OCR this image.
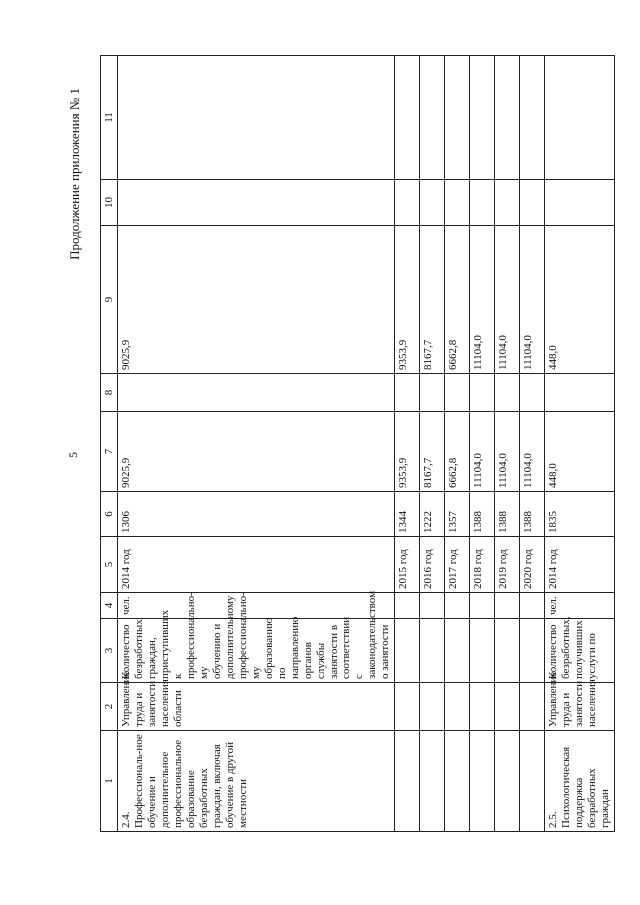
5
Продолжение приложения № 1
1	2	3	4	5	6	7	8	9	10	11
2.4. Профессиональ-ное обучение и дополнительное профессиональное образование безработных граждан, включая обучение в другой местности	Управление труда и занятости населения области	Количество безработных граждан, приступивших к профессионально-му обучению и дополнительному профессионально-му образованию по направлению органов службы занятости в соответствии с законодательством о занятости	чел.	2014 год	1306	9025,9		9025,9		
				2015 год	1344	9353,9		9353,9		
				2016 год	1222	8167,7		8167,7		
				2017 год	1357	6662,8		6662,8		
				2018 год	1388	11104,0		11104,0		
				2019 год	1388	11104,0		11104,0		
				2020 год	1388	11104,0		11104,0		
2.5. Психологическая поддержка безработных граждан	Управление труда и занятости населения	Количество безработных, получивших услуги по	чел.	2014 год	1835	448,0		448,0		
